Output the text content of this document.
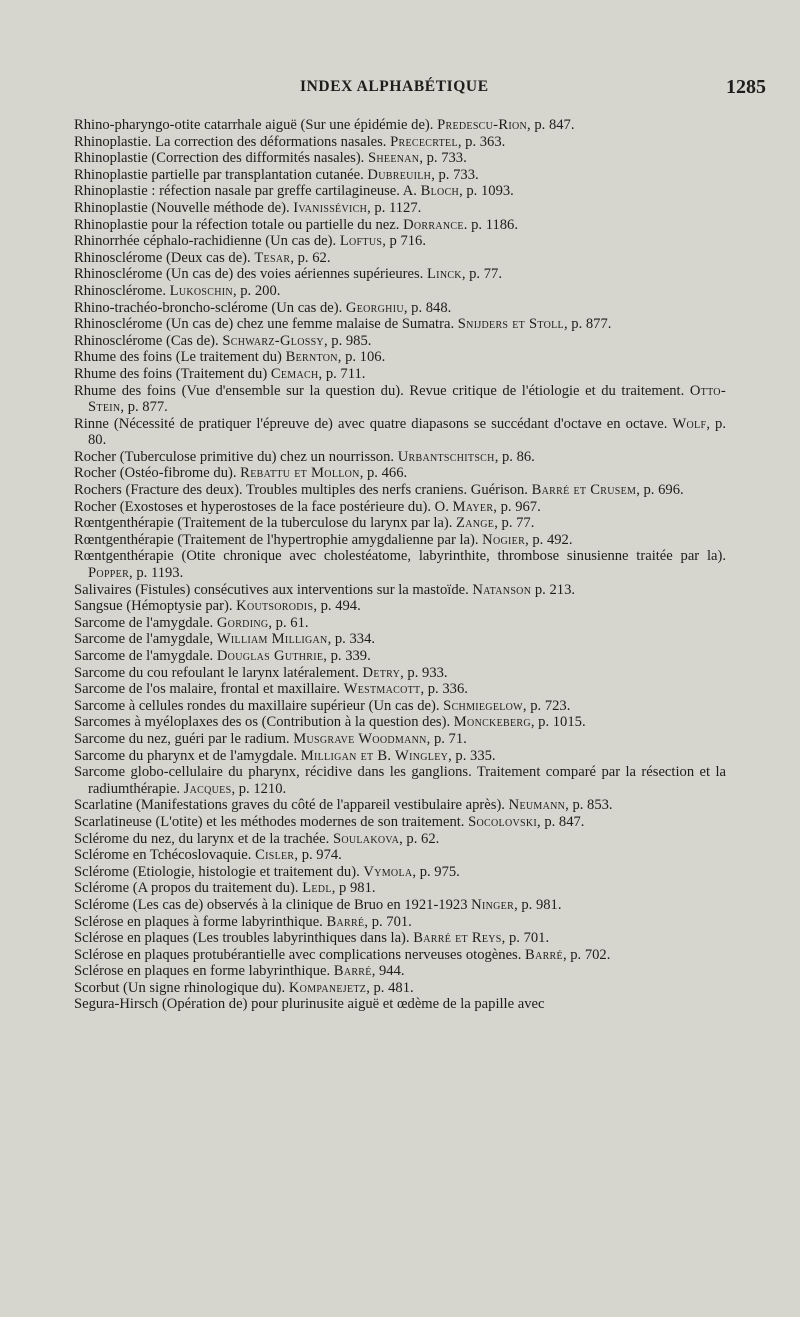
INDEX ALPHABÉTIQUE	1285

Rhino-pharyngo-otite catarrhale aiguë (Sur une épidémie de). Predescu-Rion, p. 847.

Rhinoplastie. La correction des déformations nasales. Prececrtel, p. 363.

Rhinoplastie (Correction des difformités nasales). Sheenan, p. 733.

Rhinoplastie partielle par transplantation cutanée. Dubreuilh, p. 733.

Rhinoplastie : réfection nasale par greffe cartilagineuse. A. Bloch, p. 1093.

Rhinoplastie (Nouvelle méthode de). Ivanissévich, p. 1127.

Rhinoplastie pour la réfection totale ou partielle du nez. Dorrance. p. 1186.

Rhinorrhée céphalo-rachidienne (Un cas de). Loftus, p 716.

Rhinosclérome (Deux cas de). Tesar, p. 62.

Rhinosclérome (Un cas de) des voies aériennes supérieures. Linck, p. 77.

Rhinosclérome. Lukoschin, p. 200.

Rhino-trachéo-broncho-sclérome (Un cas de). Georghiu, p. 848.

Rhinosclérome (Un cas de) chez une femme malaise de Sumatra. Snijders et Stoll, p. 877.

Rhinosclérome (Cas de). Schwarz-Glossy, p. 985.

Rhume des foins (Le traitement du) Bernton, p. 106.

Rhume des foins (Traitement du) Cemach, p. 711.

Rhume des foins (Vue d'ensemble sur la question du). Revue critique de l'étiologie et du traitement. Otto-Stein, p. 877.

Rinne (Nécessité de pratiquer l'épreuve de) avec quatre diapasons se succédant d'octave en octave. Wolf, p. 80.

Rocher (Tuberculose primitive du) chez un nourrisson. Urbantschitsch, p. 86.

Rocher (Ostéo-fibrome du). Rebattu et Mollon, p. 466.

Rochers (Fracture des deux). Troubles multiples des nerfs craniens. Guérison. Barré et Crusem, p. 696.

Rocher (Exostoses et hyperostoses de la face postérieure du). O. Mayer, p. 967.

Rœntgenthérapie (Traitement de la tuberculose du larynx par la). Zange, p. 77.

Rœntgenthérapie (Traitement de l'hypertrophie amygdalienne par la). Nogier, p. 492.

Rœntgenthérapie (Otite chronique avec cholestéatome, labyrinthite, thrombose sinusienne traitée par la). Popper, p. 1193.

Salivaires (Fistules) consécutives aux interventions sur la mastoïde. Natanson p. 213.

Sangsue (Hémoptysie par). Koutsorodis, p. 494.

Sarcome de l'amygdale. Gording, p. 61.

Sarcome de l'amygdale, William Milligan, p. 334.

Sarcome de l'amygdale. Douglas Guthrie, p. 339.

Sarcome du cou refoulant le larynx latéralement. Detry, p. 933.

Sarcome de l'os malaire, frontal et maxillaire. Westmacott, p. 336.

Sarcome à cellules rondes du maxillaire supérieur (Un cas de). Schmiegelow, p. 723.

Sarcomes à myéloplaxes des os (Contribution à la question des). Monckeberg, p. 1015.

Sarcome du nez, guéri par le radium. Musgrave Woodmann, p. 71.

Sarcome du pharynx et de l'amygdale. Milligan et B. Wingley, p. 335.

Sarcome globo-cellulaire du pharynx, récidive dans les ganglions. Traitement comparé par la résection et la radiumthérapie. Jacques, p. 1210.

Scarlatine (Manifestations graves du côté de l'appareil vestibulaire après). Neumann, p. 853.

Scarlatineuse (L'otite) et les méthodes modernes de son traitement. Socolovski, p. 847.

Sclérome du nez, du larynx et de la trachée. Soulakova, p. 62.

Sclérome en Tchécoslovaquie. Cisler, p. 974.

Sclérome (Etiologie, histologie et traitement du). Vymola, p. 975.

Sclérome (A propos du traitement du). Ledl, p 981.

Sclérome (Les cas de) observés à la clinique de Bruo en 1921-1923 Ninger, p. 981.

Sclérose en plaques à forme labyrinthique. Barré, p. 701.

Sclérose en plaques (Les troubles labyrinthiques dans la). Barré et Reys, p. 701.

Sclérose en plaques protubérantielle avec complications nerveuses otogènes. Barré, p. 702.

Sclérose en plaques en forme labyrinthique. Barré, 944.

Scorbut (Un signe rhinologique du). Kompanejetz, p. 481.

Segura-Hirsch (Opération de) pour plurinusite aiguë et œdème de la papille avec
